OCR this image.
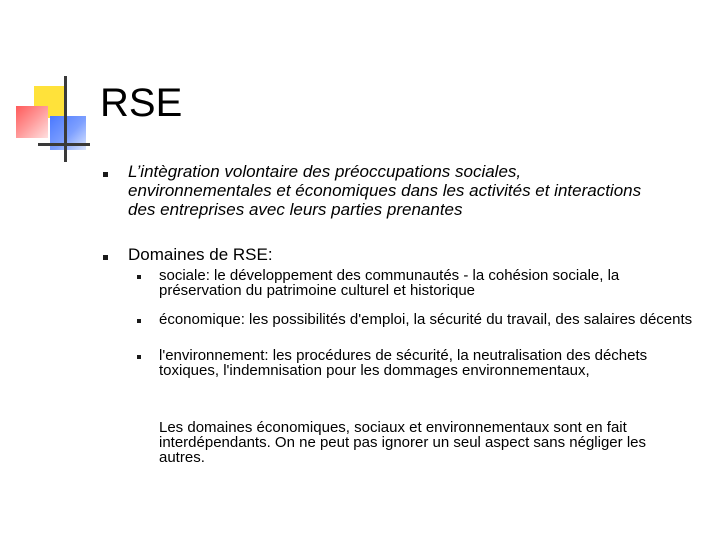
RSE
L’intègration volontaire des préoccupations sociales, environnementales et économiques dans les activités et interactions des entreprises avec leurs parties prenantes
Domaines de RSE:
sociale: le développement des communautés - la cohésion sociale, la préservation du patrimoine culturel et historique
économique: les possibilités d'emploi, la sécurité du travail, des salaires décents
l'environnement: les procédures de sécurité, la neutralisation des déchets toxiques, l'indemnisation pour les dommages environnementaux,
Les domaines économiques, sociaux et environnementaux sont en fait interdépendants. On ne peut pas ignorer un seul aspect sans négliger les autres.
